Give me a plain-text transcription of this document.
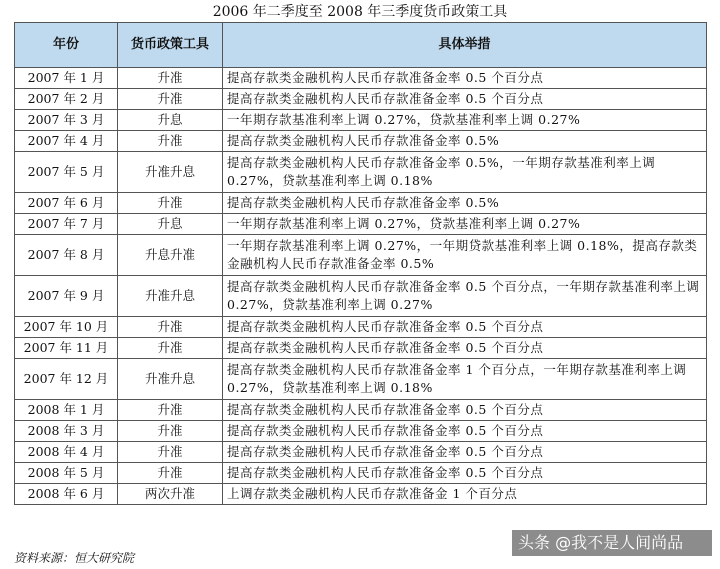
2006 年二季度至 2008 年三季度货币政策工具
年份	货币政策工具	具体举措
2007 年 1 月	升准	提高存款类金融机构人民币存款准备金率 0.5 个百分点
2007 年 2 月	升准	提高存款类金融机构人民币存款准备金率 0.5 个百分点
2007 年 3 月	升息	一年期存款基准利率上调 0.27%，贷款基准利率上调 0.27%
2007 年 4 月	升准	提高存款类金融机构人民币存款准备金率 0.5%
2007 年 5 月	升准升息	提高存款类金融机构人民币存款准备金率 0.5%，一年期存款基准利率上调 0.27%，贷款基准利率上调 0.18%
2007 年 6 月	升准	提高存款类金融机构人民币存款准备金率 0.5%
2007 年 7 月	升息	一年期存款基准利率上调 0.27%，贷款基准利率上调 0.27%
2007 年 8 月	升息升准	一年期存款基准利率上调 0.27%，一年期贷款基准利率上调 0.18%，提高存款类金融机构人民币存款准备金率 0.5%
2007 年 9 月	升准升息	提高存款类金融机构人民币存款准备金率 0.5 个百分点，一年期存款基准利率上调 0.27%，贷款基准利率上调 0.27%
2007 年 10 月	升准	提高存款类金融机构人民币存款准备金率 0.5 个百分点
2007 年 11 月	升准	提高存款类金融机构人民币存款准备金率 0.5 个百分点
2007 年 12 月	升准升息	提高存款类金融机构人民币存款准备金率 1 个百分点，一年期存款基准利率上调 0.27%，贷款基准利率上调 0.18%
2008 年 1 月	升准	提高存款类金融机构人民币存款准备金率 0.5 个百分点
2008 年 3 月	升准	提高存款类金融机构人民币存款准备金率 0.5 个百分点
2008 年 4 月	升准	提高存款类金融机构人民币存款准备金率 0.5 个百分点
2008 年 5 月	升准	提高存款类金融机构人民币存款准备金率 0.5 个百分点
2008 年 6 月	两次升准	上调存款类金融机构人民币存款准备金 1 个百分点
资料来源：恒大研究院
头条 @我不是人间尚品
